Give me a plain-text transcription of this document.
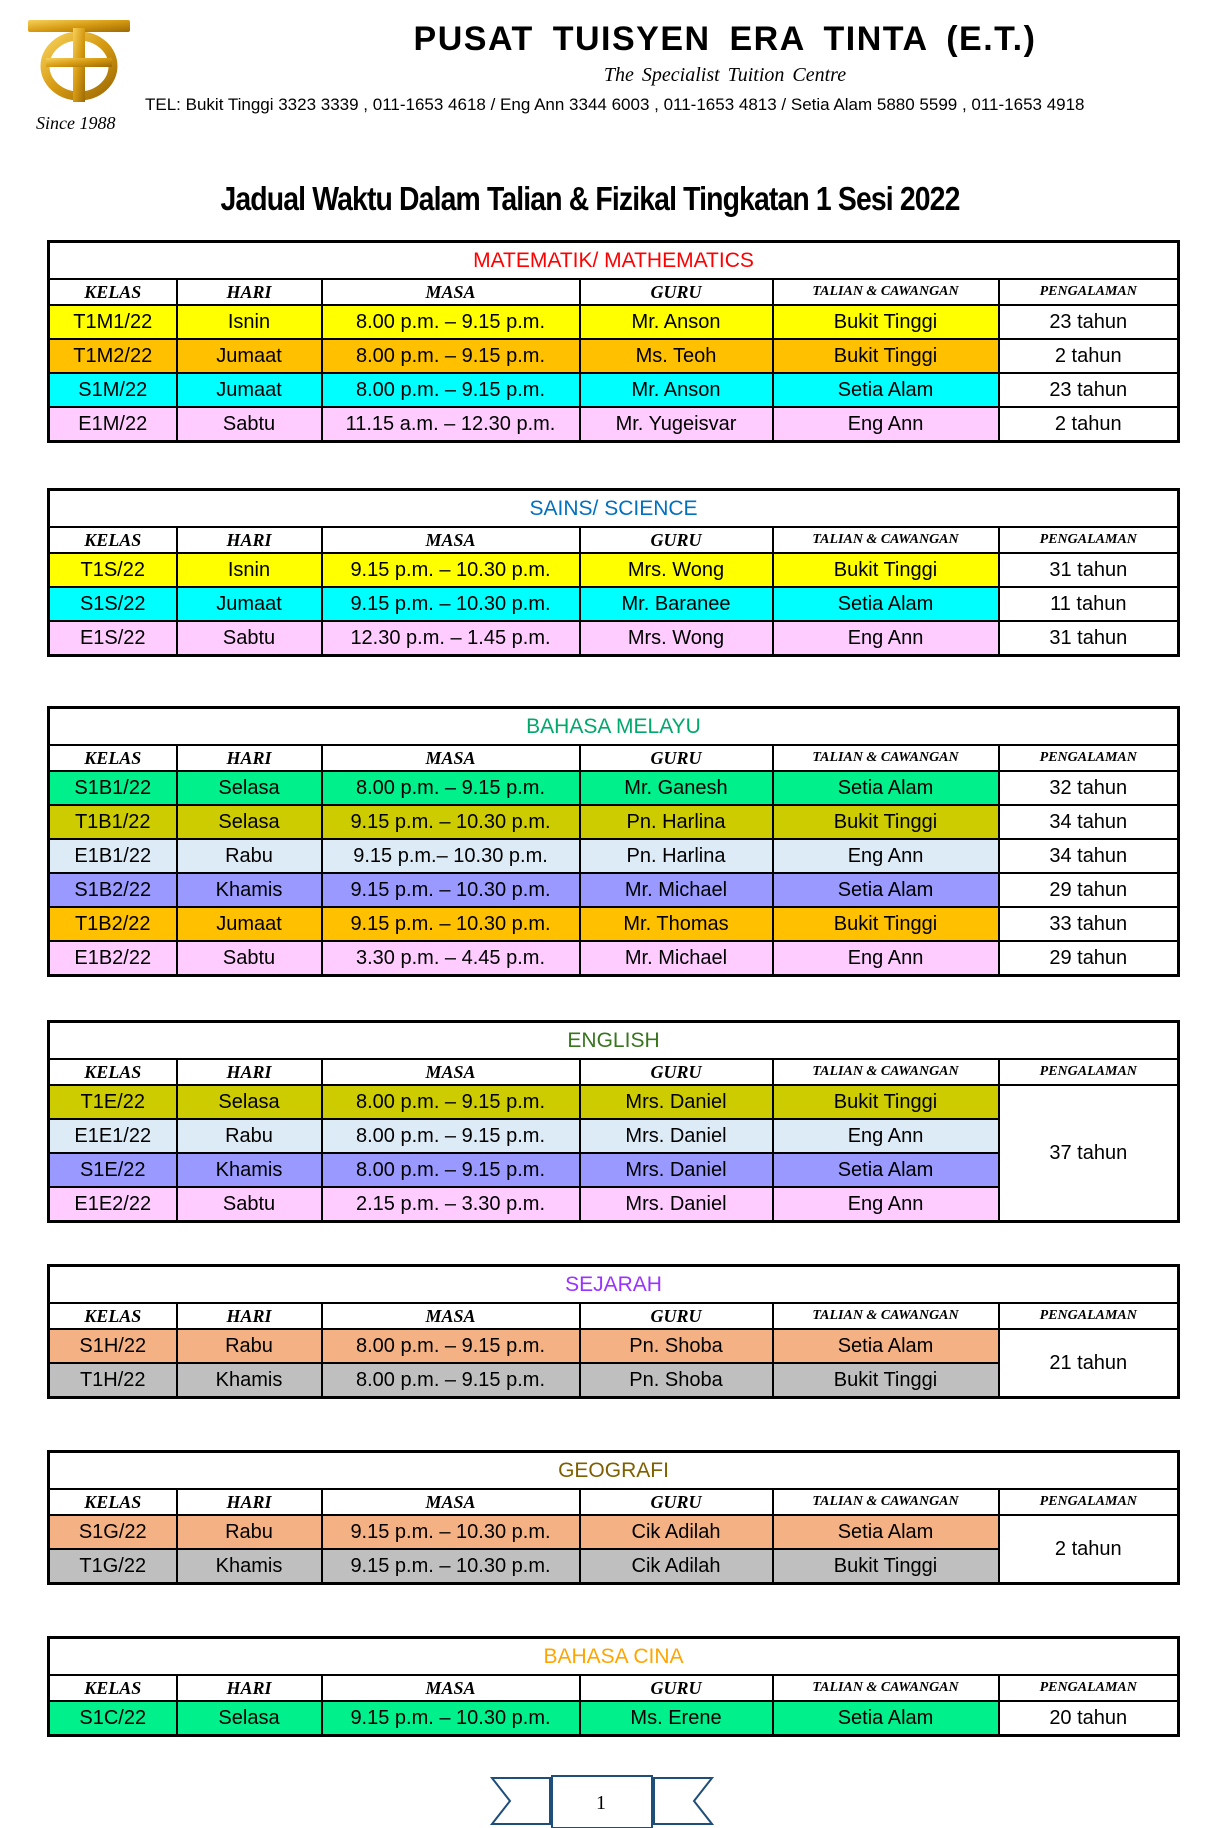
Since 1988
PUSAT TUISYEN ERA TINTA (E.T.)
The Specialist Tuition Centre
TEL: Bukit Tinggi 3323 3339 , 011-1653 4618 / Eng Ann 3344 6003 , 011-1653 4813 / Setia Alam 5880 5599 , 011-1653 4918
Jadual Waktu Dalam Talian & Fizikal Tingkatan 1 Sesi 2022
MATEMATIK/ MATHEMATICS					
KELAS	HARI	MASA	GURU	TALIAN & CAWANGAN	PENGALAMAN
T1M1/22	Isnin	8.00 p.m. – 9.15 p.m.	Mr. Anson	Bukit Tinggi	23 tahun
T1M2/22	Jumaat	8.00 p.m. – 9.15 p.m.	Ms. Teoh	Bukit Tinggi	2 tahun
S1M/22	Jumaat	8.00 p.m. – 9.15 p.m.	Mr. Anson	Setia Alam	23 tahun
E1M/22	Sabtu	11.15 a.m. – 12.30 p.m.	Mr. Yugeisvar	Eng Ann	2 tahun
SAINS/ SCIENCE					
KELAS	HARI	MASA	GURU	TALIAN & CAWANGAN	PENGALAMAN
T1S/22	Isnin	9.15 p.m. – 10.30 p.m.	Mrs. Wong	Bukit Tinggi	31 tahun
S1S/22	Jumaat	9.15 p.m. – 10.30 p.m.	Mr. Baranee	Setia Alam	11 tahun
E1S/22	Sabtu	12.30 p.m. – 1.45 p.m.	Mrs. Wong	Eng Ann	31 tahun
BAHASA MELAYU					
KELAS	HARI	MASA	GURU	TALIAN & CAWANGAN	PENGALAMAN
S1B1/22	Selasa	8.00 p.m. – 9.15 p.m.	Mr. Ganesh	Setia Alam	32 tahun
T1B1/22	Selasa	9.15 p.m. – 10.30 p.m.	Pn. Harlina	Bukit Tinggi	34 tahun
E1B1/22	Rabu	9.15 p.m.– 10.30 p.m.	Pn. Harlina	Eng Ann	34 tahun
S1B2/22	Khamis	9.15 p.m. – 10.30 p.m.	Mr. Michael	Setia Alam	29 tahun
T1B2/22	Jumaat	9.15 p.m. – 10.30 p.m.	Mr. Thomas	Bukit Tinggi	33 tahun
E1B2/22	Sabtu	3.30 p.m. – 4.45 p.m.	Mr. Michael	Eng Ann	29 tahun
ENGLISH					
KELAS	HARI	MASA	GURU	TALIAN & CAWANGAN	PENGALAMAN
T1E/22	Selasa	8.00 p.m. – 9.15 p.m.	Mrs. Daniel	Bukit Tinggi	37 tahun
E1E1/22	Rabu	8.00 p.m. – 9.15 p.m.	Mrs. Daniel	Eng Ann	
S1E/22	Khamis	8.00 p.m. – 9.15 p.m.	Mrs. Daniel	Setia Alam	
E1E2/22	Sabtu	2.15 p.m. – 3.30 p.m.	Mrs. Daniel	Eng Ann	
SEJARAH					
KELAS	HARI	MASA	GURU	TALIAN & CAWANGAN	PENGALAMAN
S1H/22	Rabu	8.00 p.m. – 9.15 p.m.	Pn. Shoba	Setia Alam	21 tahun
T1H/22	Khamis	8.00 p.m. – 9.15 p.m.	Pn. Shoba	Bukit Tinggi	
GEOGRAFI					
KELAS	HARI	MASA	GURU	TALIAN & CAWANGAN	PENGALAMAN
S1G/22	Rabu	9.15 p.m. – 10.30 p.m.	Cik Adilah	Setia Alam	2 tahun
T1G/22	Khamis	9.15 p.m. – 10.30 p.m.	Cik Adilah	Bukit Tinggi	
BAHASA CINA					
KELAS	HARI	MASA	GURU	TALIAN & CAWANGAN	PENGALAMAN
S1C/22	Selasa	9.15 p.m. – 10.30 p.m.	Ms. Erene	Setia Alam	20 tahun
1
